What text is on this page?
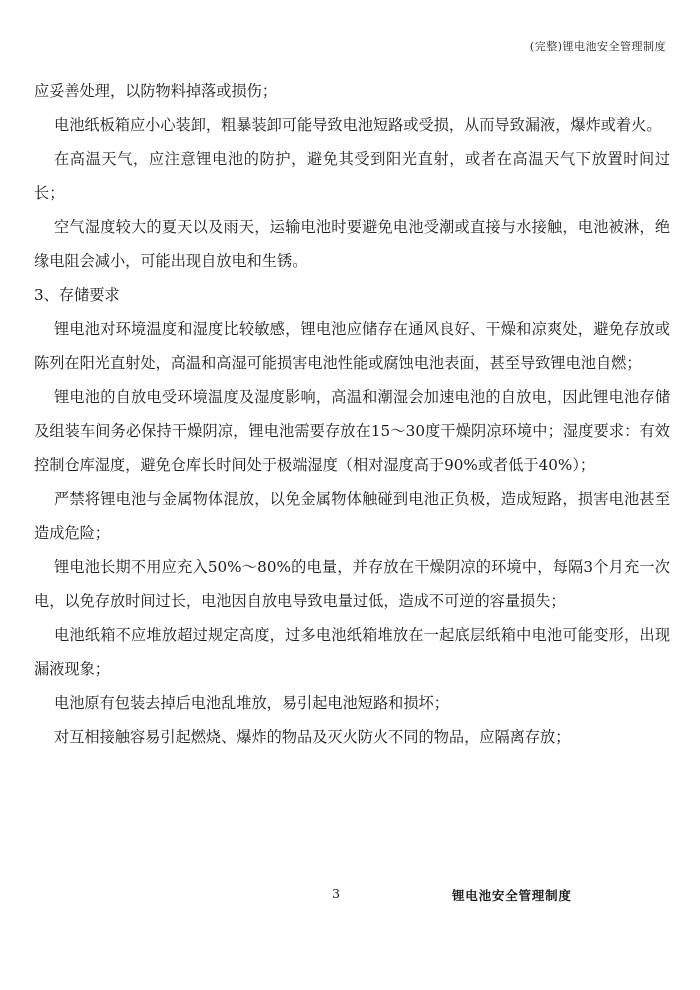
(完整)锂电池安全管理制度

应妥善处理，以防物料掉落或损伤；

电池纸板箱应小心装卸，粗暴装卸可能导致电池短路或受损，从而导致漏液，爆炸或着火。

在高温天气，应注意锂电池的防护，避免其受到阳光直射，或者在高温天气下放置时间过长；

空气湿度较大的夏天以及雨天，运输电池时要避免电池受潮或直接与水接触，电池被淋，绝缘电阻会减小，可能出现自放电和生锈。

3、存储要求

锂电池对环境温度和湿度比较敏感，锂电池应储存在通风良好、干燥和凉爽处，避免存放或陈列在阳光直射处，高温和高湿可能损害电池性能或腐蚀电池表面，甚至导致锂电池自燃；

锂电池的自放电受环境温度及湿度影响，高温和潮湿会加速电池的自放电，因此锂电池存储及组装车间务必保持干燥阴凉，锂电池需要存放在15～30度干燥阴凉环境中；湿度要求：有效控制仓库湿度，避免仓库长时间处于极端湿度（相对湿度高于90%或者低于40%）；

严禁将锂电池与金属物体混放，以免金属物体触碰到电池正负极，造成短路，损害电池甚至造成危险；

锂电池长期不用应充入50%～80%的电量，并存放在干燥阴凉的环境中，每隔3个月充一次电，以免存放时间过长，电池因自放电导致电量过低，造成不可逆的容量损失；

电池纸箱不应堆放超过规定高度，过多电池纸箱堆放在一起底层纸箱中电池可能变形，出现漏液现象；

电池原有包装去掉后电池乱堆放，易引起电池短路和损坏；

对互相接触容易引起燃烧、爆炸的物品及灭火防火不同的物品，应隔离存放；

3	锂电池安全管理制度
